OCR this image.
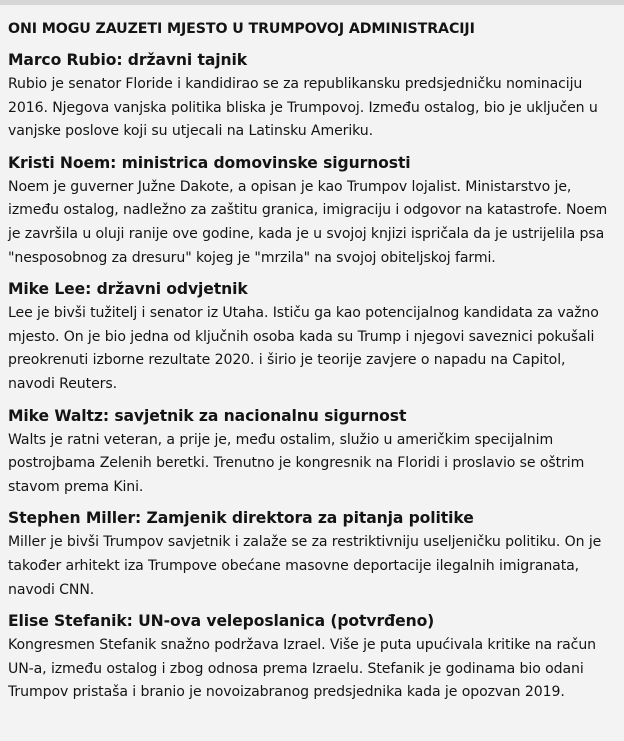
ONI MOGU ZAUZETI MJESTO U TRUMPOVOJ ADMINISTRACIJI
Marco Rubio: državni tajnik

Rubio je senator Floride i kandidirao se za republikansku predsjedničku nominaciju 2016. Njegova vanjska politika bliska je Trumpovoj. Između ostalog, bio je uključen u vanjske poslove koji su utjecali na Latinsku Ameriku.

Kristi Noem: ministrica domovinske sigurnosti

Noem je guverner Južne Dakote, a opisan je kao Trumpov lojalist. Ministarstvo je, između ostalog, nadležno za zaštitu granica, imigraciju i odgovor na katastrofe. Noem je završila u oluji ranije ove godine, kada je u svojoj knjizi ispričala da je ustrijelila psa "nesposobnog za dresuru" kojeg je "mrzila" na svojoj obiteljskoj farmi.

Mike Lee: državni odvjetnik

Lee je bivši tužitelj i senator iz Utaha. Ističu ga kao potencijalnog kandidata za važno mjesto. On je bio jedna od ključnih osoba kada su Trump i njegovi saveznici pokušali preokrenuti izborne rezultate 2020. i širio je teorije zavjere o napadu na Capitol, navodi Reuters.

Mike Waltz: savjetnik za nacionalnu sigurnost

Walts je ratni veteran, a prije je, među ostalim, služio u američkim specijalnim postrojbama Zelenih beretki. Trenutno je kongresnik na Floridi i proslavio se oštrim stavom prema Kini.

Stephen Miller: Zamjenik direktora za pitanja politike

Miller je bivši Trumpov savjetnik i zalaže se za restriktivniju useljeničku politiku. On je također arhitekt iza Trumpove obećane masovne deportacije ilegalnih imigranata, navodi CNN.

Elise Stefanik: UN-ova veleposlanica (potvrđeno)

Kongresmen Stefanik snažno podržava Izrael. Više je puta upućivala kritike na račun UN-a, između ostalog i zbog odnosa prema Izraelu. Stefanik je godinama bio odani Trumpov pristaša i branio je novoizabranog predsjednika kada je opozvan 2019.
